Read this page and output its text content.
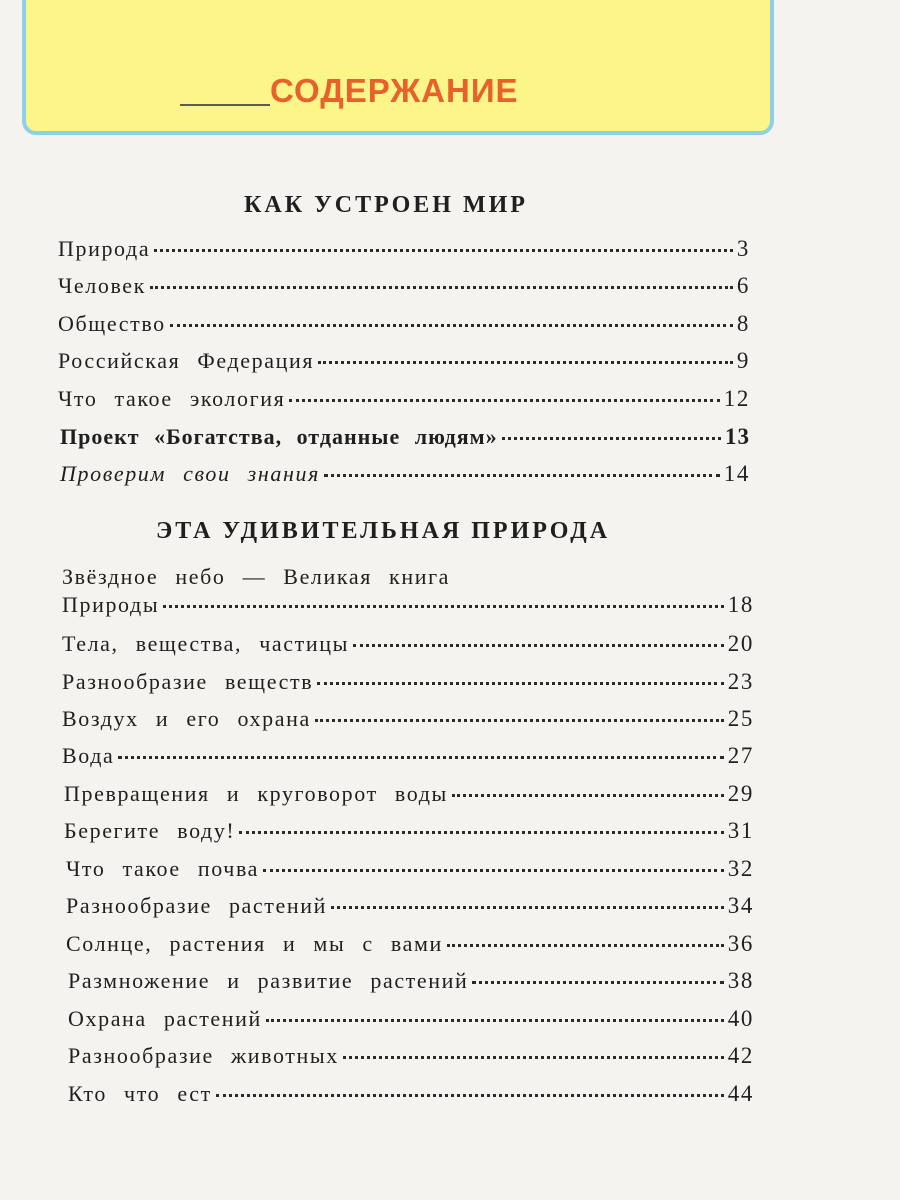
СОДЕРЖАНИЕ
КАК УСТРОЕН МИР
Природа	3
Человек	6
Общество	8
Российская Федерация	9
Что такое экология	12
Проект «Богатства, отданные людям»	13
Проверим свои знания	14
ЭТА УДИВИТЕЛЬНАЯ ПРИРОДА
Звёздное небо — Великая книга
Природы	18
Тела, вещества, частицы	20
Разнообразие веществ	23
Воздух и его охрана	25
Вода	27
Превращения и круговорот воды	29
Берегите воду!	31
Что такое почва	32
Разнообразие растений	34
Солнце, растения и мы с вами	36
Размножение и развитие растений	38
Охрана растений	40
Разнообразие животных	42
Кто что ест	44
